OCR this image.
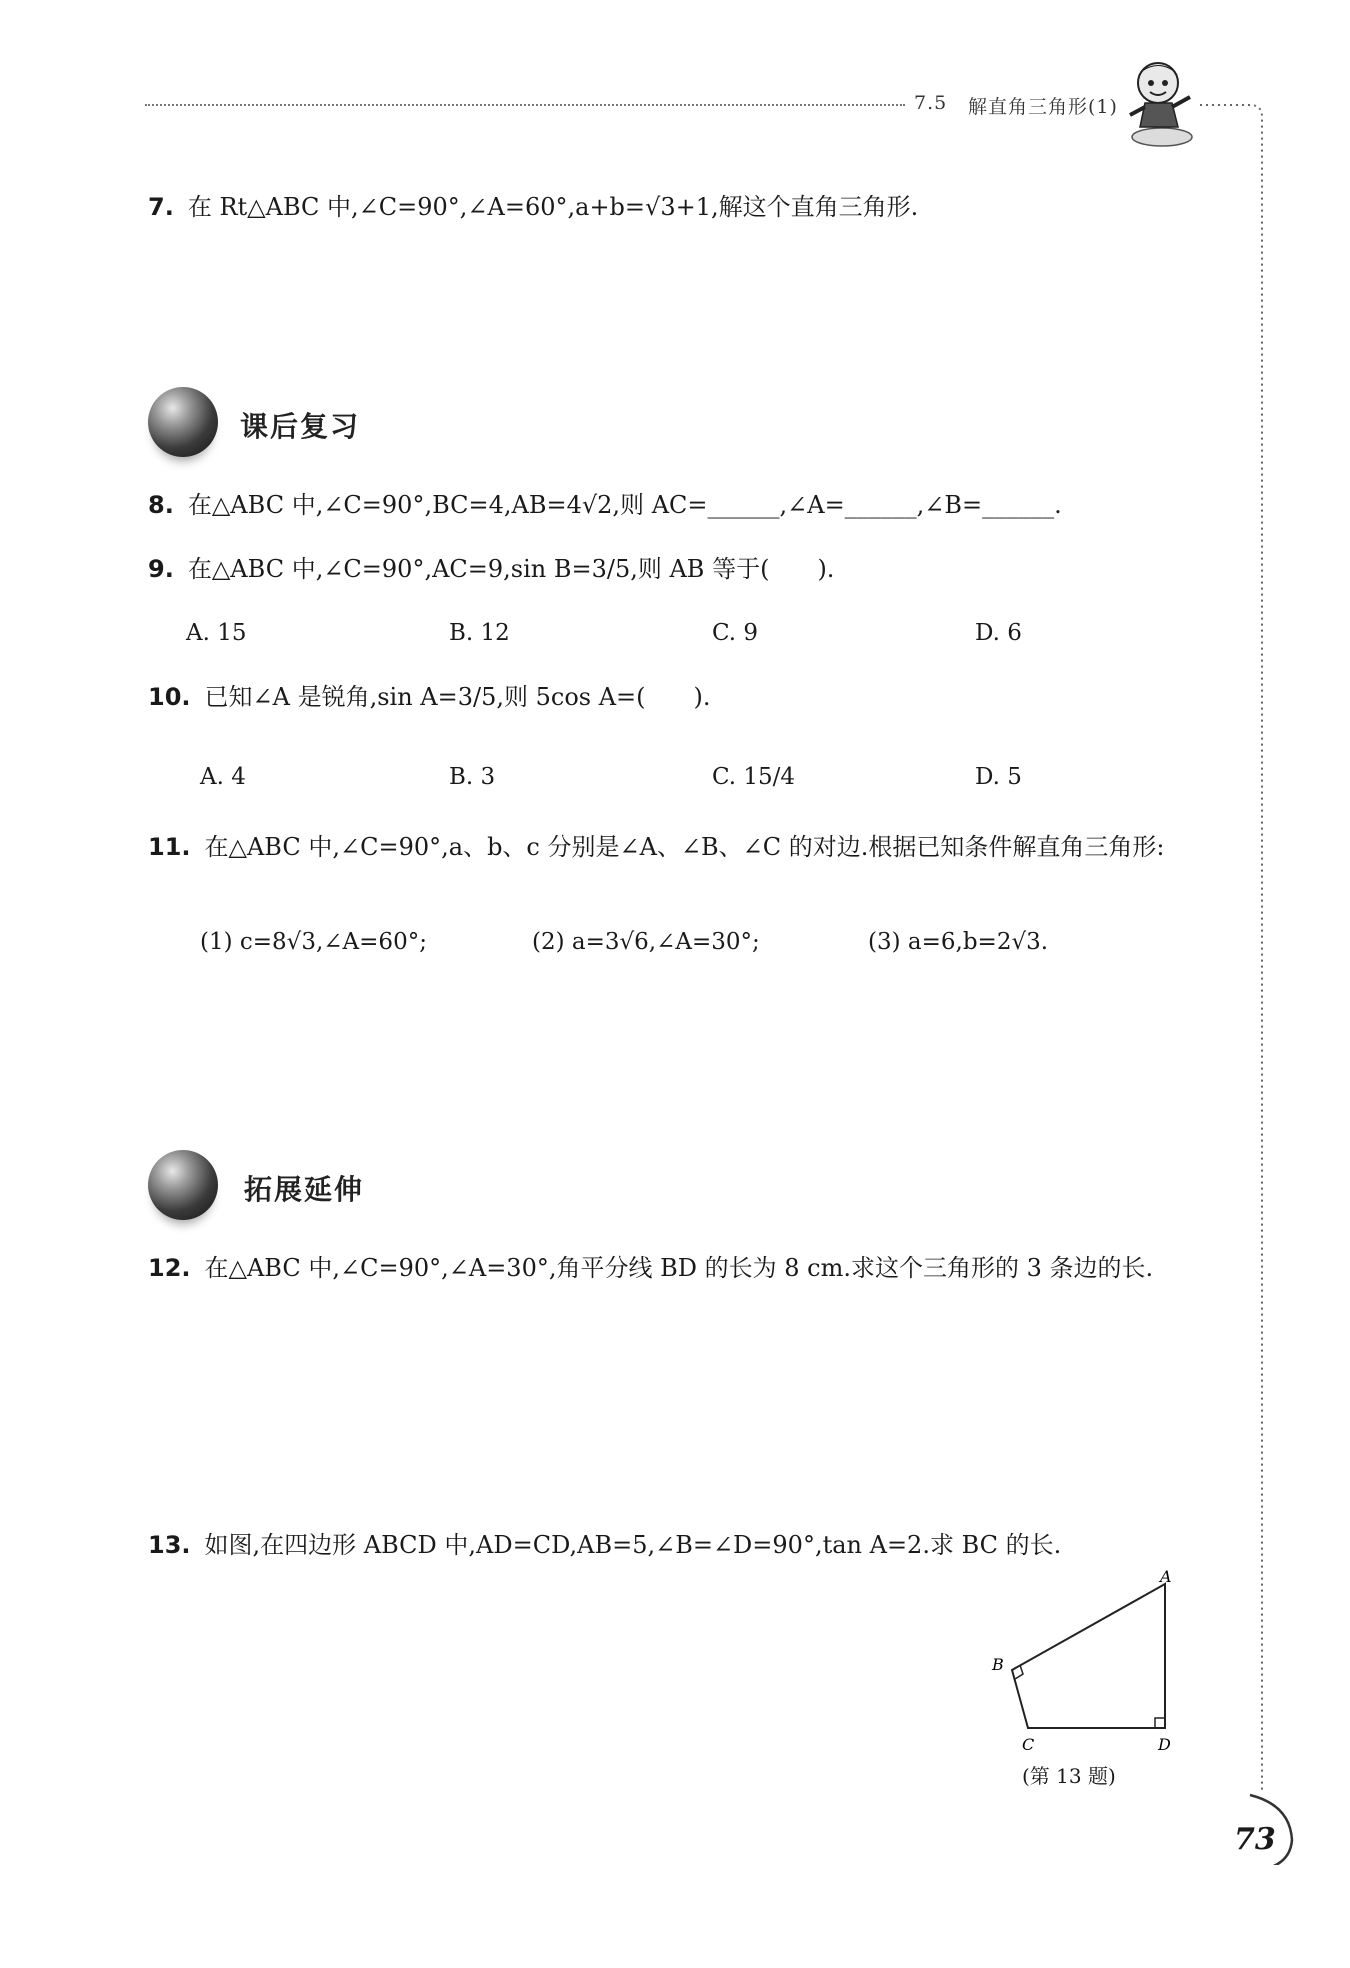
7.5 解直角三角形(1)
73
7. 在 Rt△ABC 中,∠C=90°,∠A=60°,a+b=√3+1,解这个直角三角形.
课后复习
8. 在△ABC 中,∠C=90°,BC=4,AB=4√2,则 AC=______,∠A=______,∠B=______.
9. 在△ABC 中,∠C=90°,AC=9,sin B=3/5,则 AB 等于(　　).
A. 15	B. 12	C. 9	D. 6
10. 已知∠A 是锐角,sin A=3/5,则 5cos A=(　　).
A. 4	B. 3	C. 15/4	D. 5
11. 在△ABC 中,∠C=90°,a、b、c 分别是∠A、∠B、∠C 的对边.根据已知条件解直角三角形:
(1) c=8√3,∠A=60°;	(2) a=3√6,∠A=30°;	(3) a=6,b=2√3.
拓展延伸
12. 在△ABC 中,∠C=90°,∠A=30°,角平分线 BD 的长为 8 cm.求这个三角形的 3 条边的长.
13. 如图,在四边形 ABCD 中,AD=CD,AB=5,∠B=∠D=90°,tan A=2.求 BC 的长.
A
B
C	D
(第 13 题)
